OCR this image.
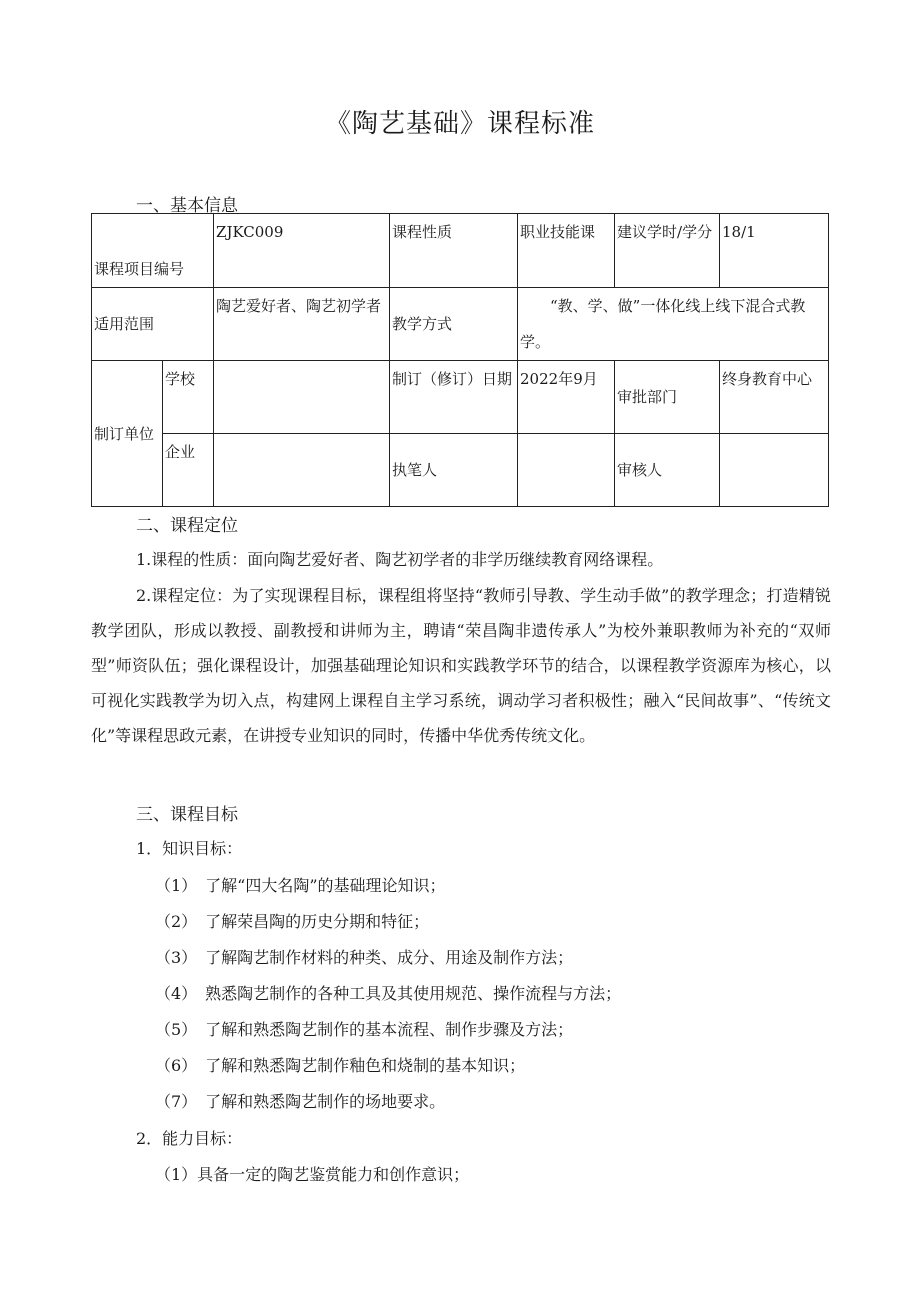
《陶艺基础》课程标准
一、基本信息
课程项目编号		ZJKC009	课程性质	职业技能课	建议学时/学分	18/1
适用范围		陶艺爱好者、陶艺初学者	教学方式	“教、学、做”一体化线上线下混合式教学。		
制订单位	学校		制订（修订）日期	2022年9月	审批部门	终身教育中心
	企业		执笔人		审核人	
二、课程定位
1.课程的性质：面向陶艺爱好者、陶艺初学者的非学历继续教育网络课程。
2.课程定位：为了实现课程目标，课程组将坚持“教师引导教、学生动手做”的教学理念；打造精锐教学团队，形成以教授、副教授和讲师为主，聘请“荣昌陶非遗传承人”为校外兼职教师为补充的“双师型”师资队伍；强化课程设计，加强基础理论知识和实践教学环节的结合，以课程教学资源库为核心，以可视化实践教学为切入点，构建网上课程自主学习系统，调动学习者积极性；融入“民间故事”、“传统文化”等课程思政元素，在讲授专业知识的同时，传播中华优秀传统文化。
三、课程目标
1．知识目标：
（1）　了解“四大名陶”的基础理论知识；
（2）　了解荣昌陶的历史分期和特征；
（3）　了解陶艺制作材料的种类、成分、用途及制作方法；
（4）　熟悉陶艺制作的各种工具及其使用规范、操作流程与方法；
（5）　了解和熟悉陶艺制作的基本流程、制作步骤及方法；
（6）　了解和熟悉陶艺制作釉色和烧制的基本知识；
（7）　了解和熟悉陶艺制作的场地要求。
2．能力目标：
（1）具备一定的陶艺鉴赏能力和创作意识；
